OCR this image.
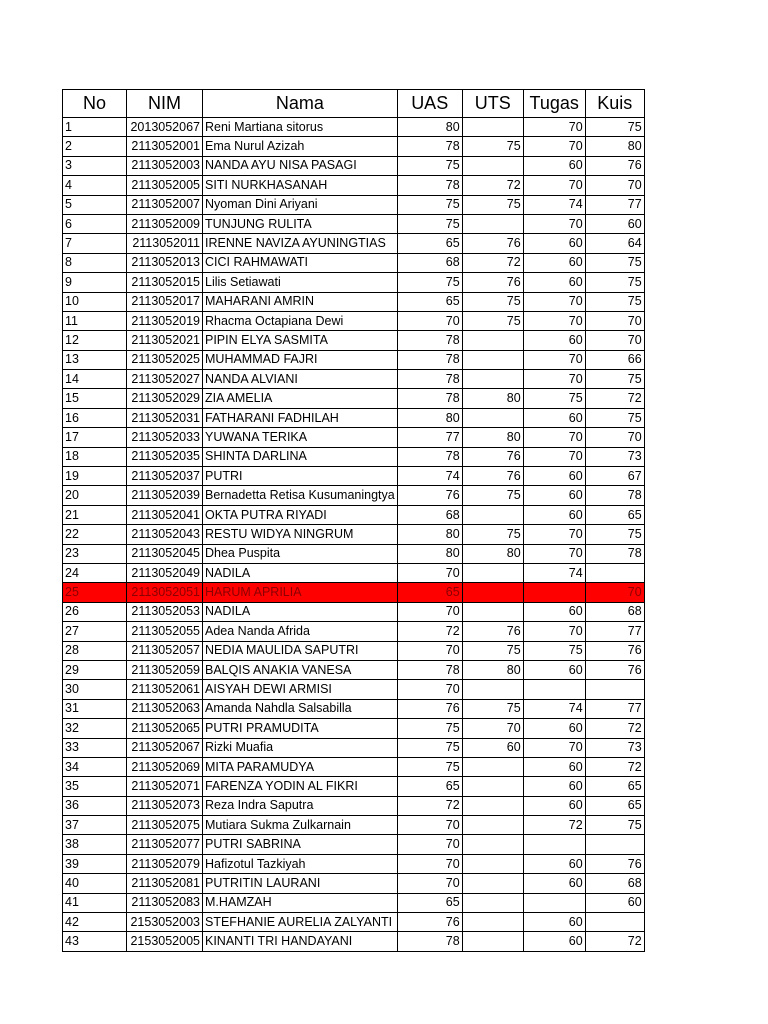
No	NIM	Nama	UAS	UTS	Tugas	Kuis
1	2013052067	Reni Martiana sitorus	80		70	75
2	2113052001	Ema Nurul Azizah	78	75	70	80
3	2113052003	NANDA AYU NISA PASAGI	75		60	76
4	2113052005	SITI NURKHASANAH	78	72	70	70
5	2113052007	Nyoman Dini Ariyani	75	75	74	77
6	2113052009	TUNJUNG RULITA	75		70	60
7	2113052011	IRENNE NAVIZA AYUNINGTIAS	65	76	60	64
8	2113052013	CICI RAHMAWATI	68	72	60	75
9	2113052015	Lilis Setiawati	75	76	60	75
10	2113052017	MAHARANI AMRIN	65	75	70	75
11	2113052019	Rhacma Octapiana Dewi	70	75	70	70
12	2113052021	PIPIN ELYA SASMITA	78		60	70
13	2113052025	MUHAMMAD FAJRI	78		70	66
14	2113052027	NANDA ALVIANI	78		70	75
15	2113052029	ZIA AMELIA	78	80	75	72
16	2113052031	FATHARANI FADHILAH	80		60	75
17	2113052033	YUWANA TERIKA	77	80	70	70
18	2113052035	SHINTA DARLINA	78	76	70	73
19	2113052037	PUTRI	74	76	60	67
20	2113052039	Bernadetta Retisa Kusumaningtya	76	75	60	78
21	2113052041	OKTA PUTRA RIYADI	68		60	65
22	2113052043	RESTU WIDYA NINGRUM	80	75	70	75
23	2113052045	Dhea Puspita	80	80	70	78
24	2113052049	NADILA	70		74	
25	2113052051	HARUM APRILIA	65			70
26	2113052053	NADILA	70		60	68
27	2113052055	Adea Nanda Afrida	72	76	70	77
28	2113052057	NEDIA MAULIDA SAPUTRI	70	75	75	76
29	2113052059	BALQIS ANAKIA VANESA	78	80	60	76
30	2113052061	AISYAH DEWI ARMISI	70			
31	2113052063	Amanda Nahdla Salsabilla	76	75	74	77
32	2113052065	PUTRI PRAMUDITA	75	70	60	72
33	2113052067	Rizki Muafia	75	60	70	73
34	2113052069	MITA PARAMUDYA	75		60	72
35	2113052071	FARENZA YODIN AL FIKRI	65		60	65
36	2113052073	Reza Indra Saputra	72		60	65
37	2113052075	Mutiara Sukma Zulkarnain	70		72	75
38	2113052077	PUTRI SABRINA	70			
39	2113052079	Hafizotul Tazkiyah	70		60	76
40	2113052081	PUTRITIN LAURANI	70		60	68
41	2113052083	M.HAMZAH	65			60
42	2153052003	STEFHANIE AURELIA ZALYANTI	76		60	
43	2153052005	KINANTI TRI HANDAYANI	78		60	72
